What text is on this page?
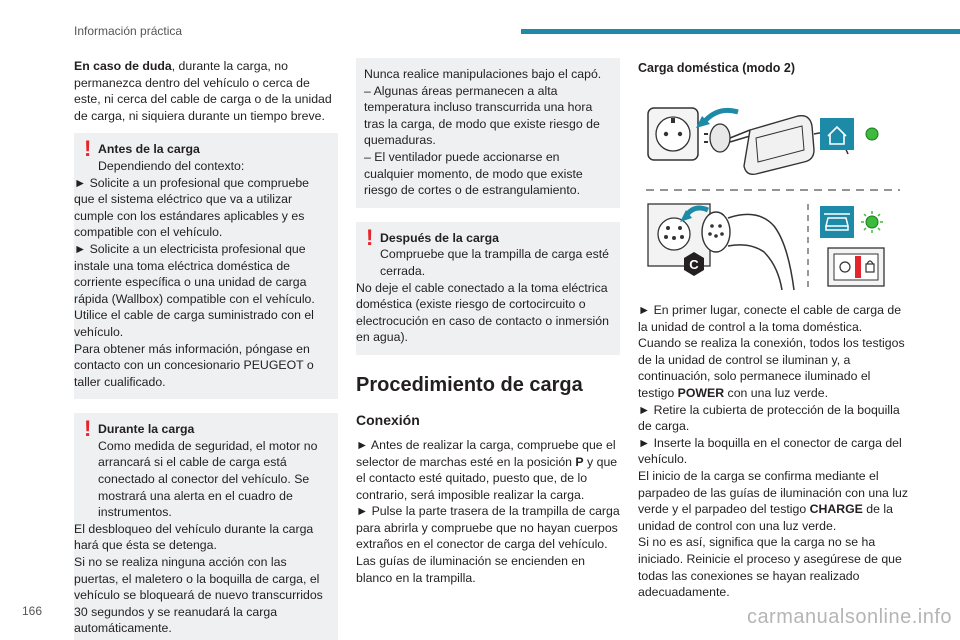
Información práctica

En caso de duda, durante la carga, no permanezca dentro del vehículo o cerca de este, ni cerca del cable de carga o de la unidad de carga, ni siquiera durante un tiempo breve.

! Antes de la carga

Dependiendo del contexto:

► Solicite a un profesional que compruebe que el sistema eléctrico que va a utilizar cumple con los estándares aplicables y es compatible con el vehículo.

► Solicite a un electricista profesional que instale una toma eléctrica doméstica de corriente específica o una unidad de carga rápida (Wallbox) compatible con el vehículo.

Utilice el cable de carga suministrado con el vehículo.

Para obtener más información, póngase en contacto con un concesionario PEUGEOT o taller cualificado.

! Durante la carga

Como medida de seguridad, el motor no arrancará si el cable de carga está conectado al conector del vehículo. Se mostrará una alerta en el cuadro de instrumentos.

El desbloqueo del vehículo durante la carga hará que ésta se detenga.

Si no se realiza ninguna acción con las puertas, el maletero o la boquilla de carga, el vehículo se bloqueará de nuevo transcurridos 30 segundos y se reanudará la carga automáticamente.

Nunca realice manipulaciones bajo el capó.

– Algunas áreas permanecen a alta temperatura incluso transcurrida una hora tras la carga, de modo que existe riesgo de quemaduras.

– El ventilador puede accionarse en cualquier momento, de modo que existe riesgo de cortes o de estrangulamiento.

! Después de la carga

Compruebe que la trampilla de carga esté cerrada.

No deje el cable conectado a la toma eléctrica doméstica (existe riesgo de cortocircuito o electrocución en caso de contacto o inmersión en agua).

Procedimiento de carga
Conexión

► Antes de realizar la carga, compruebe que el selector de marchas esté en la posición P y que el contacto esté quitado, puesto que, de lo contrario, será imposible realizar la carga.

► Pulse la parte trasera de la trampilla de carga para abrirla y compruebe que no hayan cuerpos extraños en el conector de carga del vehículo.

Las guías de iluminación se encienden en blanco en la trampilla.

Carga doméstica (modo 2)
C

► En primer lugar, conecte el cable de carga de la unidad de control a la toma doméstica.

Cuando se realiza la conexión, todos los testigos de la unidad de control se iluminan y, a continuación, solo permanece iluminado el testigo POWER con una luz verde.

► Retire la cubierta de protección de la boquilla de carga.

► Inserte la boquilla en el conector de carga del vehículo.

El inicio de la carga se confirma mediante el parpadeo de las guías de iluminación con una luz verde y el parpadeo del testigo CHARGE de la unidad de control con una luz verde.

Si no es así, significa que la carga no se ha iniciado. Reinicie el proceso y asegúrese de que todas las conexiones se hayan realizado adecuadamente.

166	carmanualsonline.info
